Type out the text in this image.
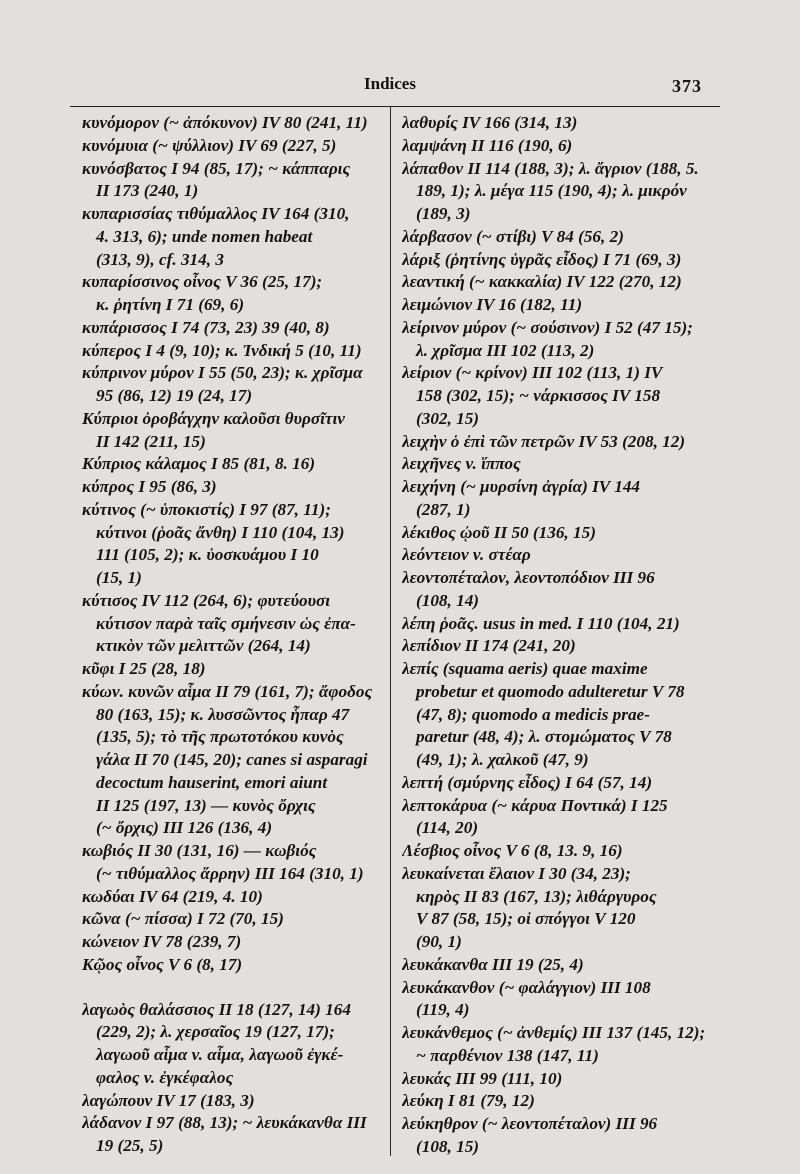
Indices	373
κυνόμορον (~ ἀπόκυνον) IV 80 (241, 11)
κυνόμυια (~ ψύλλιον) IV 69 (227, 5)
κυνόσβατος I 94 (85, 17); ~ κάππαρις
II 173 (240, 1)
κυπαρισσίας τιθύμαλλος IV 164 (310,
4. 313, 6); unde nomen habeat
(313, 9), cf. 314, 3
κυπαρίσσινος οἶνος V 36 (25, 17);
κ. ῥητίνη I 71 (69, 6)
κυπάρισσος I 74 (73, 23) 39 (40, 8)
κύπερος I 4 (9, 10); κ. Ἰνδική 5 (10, 11)
κύπρινον μύρον I 55 (50, 23); κ. χρῖσμα
95 (86, 12) 19 (24, 17)
Κύπριοι ὀροβάγχην καλοῦσι θυρσῖτιν
II 142 (211, 15)
Κύπριος κάλαμος I 85 (81, 8. 16)
κύπρος I 95 (86, 3)
κύτινος (~ ὑποκιστίς) I 97 (87, 11);
κύτινοι (ῥοᾶς ἄνθη) I 110 (104, 13)
111 (105, 2); κ. ὑοσκυάμου I 10
(15, 1)
κύτισος IV 112 (264, 6); φυτεύουσι
κύτισον παρὰ ταῖς σμήνεσιν ὡς ἐπα-
κτικὸν τῶν μελιττῶν (264, 14)
κῦφι I 25 (28, 18)
κύων. κυνῶν αἷμα II 79 (161, 7); ἄφοδος
80 (163, 15); κ. λυσσῶντος ἧπαρ 47
(135, 5); τὸ τῆς πρωτοτόκου κυνὸς
γάλα II 70 (145, 20); canes si asparagi
decoctum hauserint, emori aiunt
II 125 (197, 13) — κυνὸς ὄρχις
(~ ὄρχις) III 126 (136, 4)
κωβιός II 30 (131, 16) — κωβιός
(~ τιθύμαλλος ἄρρην) III 164 (310, 1)
κωδύαι IV 64 (219, 4. 10)
κῶνα (~ πίσσα) I 72 (70, 15)
κώνειον IV 78 (239, 7)
Κῷος οἶνος V 6 (8, 17)
λαγωὸς θαλάσσιος II 18 (127, 14) 164
(229, 2); λ. χερσαῖος 19 (127, 17);
λαγωοῦ αἷμα v. αἷμα, λαγωοῦ ἐγκέ-
φαλος v. ἐγκέφαλος
λαγώπουν IV 17 (183, 3)
λάδανον I 97 (88, 13); ~ λευκάκανθα III
19 (25, 5)
λαθυρίς IV 166 (314, 13)
λαμψάνη II 116 (190, 6)
λάπαθον II 114 (188, 3); λ. ἄγριον (188, 5.
189, 1); λ. μέγα 115 (190, 4); λ. μικρόν
(189, 3)
λάρβασον (~ στίβι) V 84 (56, 2)
λάριξ (ῥητίνης ὑγρᾶς εἶδος) I 71 (69, 3)
λεαντική (~ κακκαλία) IV 122 (270, 12)
λειμώνιον IV 16 (182, 11)
λείρινον μύρον (~ σούσινον) I 52 (47 15);
λ. χρῖσμα III 102 (113, 2)
λείριον (~ κρίνον) III 102 (113, 1) IV
158 (302, 15); ~ νάρκισσος IV 158
(302, 15)
λειχὴν ὁ ἐπὶ τῶν πετρῶν IV 53 (208, 12)
λειχῆνες v. ἵππος
λειχήνη (~ μυρσίνη ἀγρία) IV 144
(287, 1)
λέκιθος ᾠοῦ II 50 (136, 15)
λεόντειον v. στέαρ
λεοντοπέταλον, λεοντοπόδιον III 96
(108, 14)
λέπη ῥοᾶς. usus in med. I 110 (104, 21)
λεπίδιον II 174 (241, 20)
λεπίς (squama aeris) quae maxime
probetur et quomodo adulteretur V 78
(47, 8); quomodo a medicis prae-
paretur (48, 4); λ. στομώματος V 78
(49, 1); λ. χαλκοῦ (47, 9)
λεπτή (σμύρνης εἶδος) I 64 (57, 14)
λεπτοκάρυα (~ κάρυα Ποντικά) I 125
(114, 20)
Λέσβιος οἶνος V 6 (8, 13. 9, 16)
λευκαίνεται ἔλαιον I 30 (34, 23);
κηρὸς II 83 (167, 13); λιθάργυρος
V 87 (58, 15); οἱ σπόγγοι V 120
(90, 1)
λευκάκανθα III 19 (25, 4)
λευκάκανθον (~ φαλάγγιον) III 108
(119, 4)
λευκάνθεμος (~ ἀνθεμίς) III 137 (145, 12);
~ παρθένιον 138 (147, 11)
λευκάς III 99 (111, 10)
λεύκη I 81 (79, 12)
λεύκηθρον (~ λεοντοπέταλον) III 96
(108, 15)
